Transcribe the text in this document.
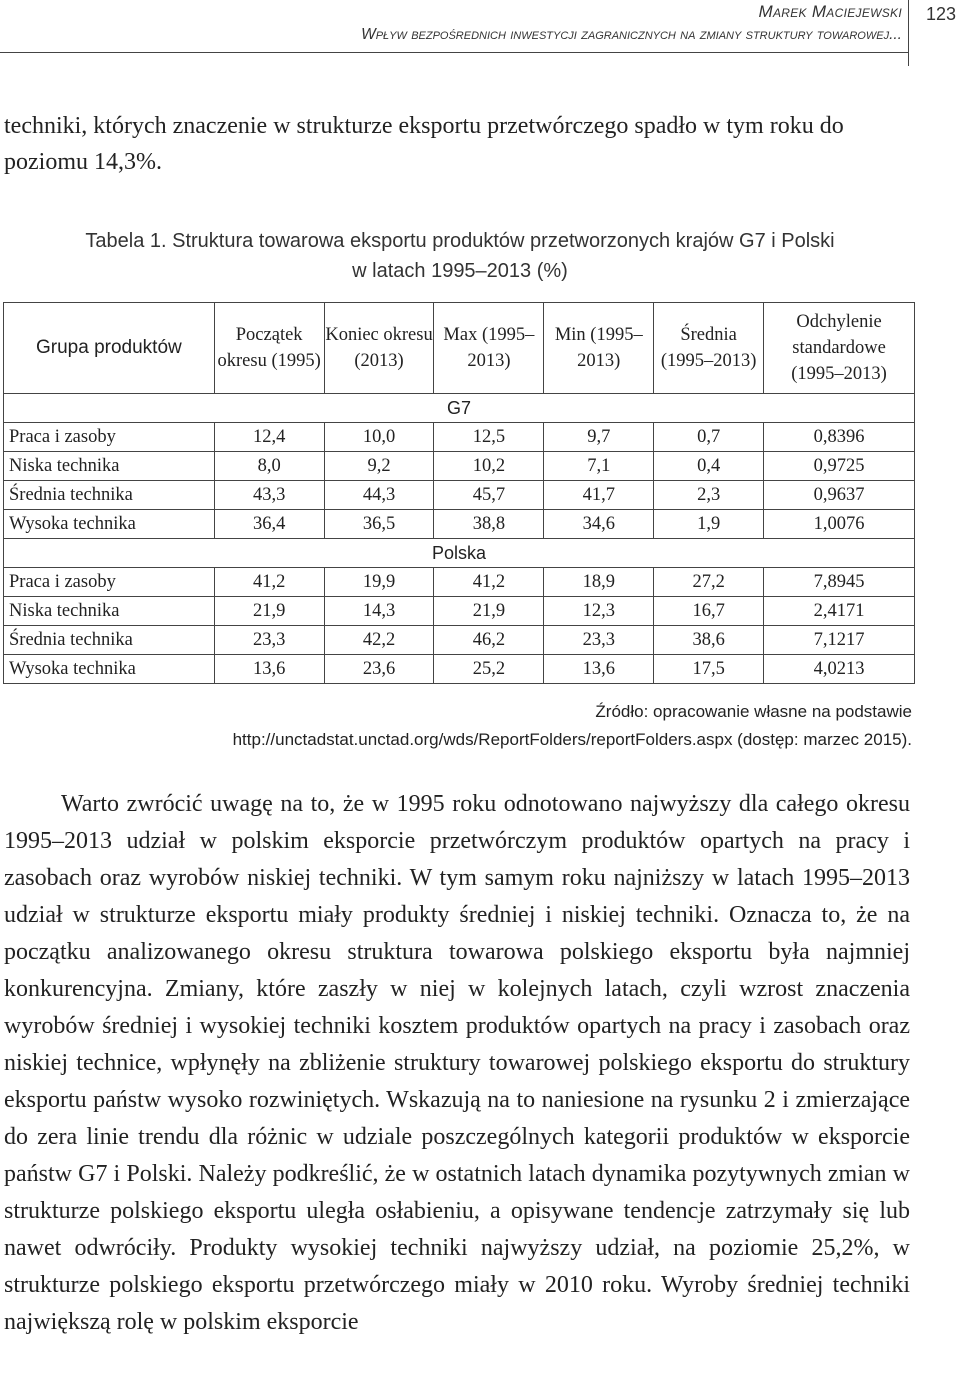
Marek Maciejewski
Wpływ bezpośrednich inwestycji zagranicznych na zmiany struktury towarowej...
123

techniki, których znaczenie w strukturze eksportu przetwórczego spadło w tym roku do poziomu 14,3%.

Tabela 1. Struktura towarowa eksportu produktów przetworzonych krajów G7 i Polski
w latach 1995–2013 (%)
Grupa produktów	Początek okresu (1995)	Koniec okresu (2013)	Max (1995–2013)	Min (1995–2013)	Średnia (1995–2013)	Odchylenie standardowe (1995–2013)
G7						
Praca i zasoby	12,4	10,0	12,5	9,7	0,7	0,8396
Niska technika	8,0	9,2	10,2	7,1	0,4	0,9725
Średnia technika	43,3	44,3	45,7	41,7	2,3	0,9637
Wysoka technika	36,4	36,5	38,8	34,6	1,9	1,0076
Polska						
Praca i zasoby	41,2	19,9	41,2	18,9	27,2	7,8945
Niska technika	21,9	14,3	21,9	12,3	16,7	2,4171
Średnia technika	23,3	42,2	46,2	23,3	38,6	7,1217
Wysoka technika	13,6	23,6	25,2	13,6	17,5	4,0213
Źródło: opracowanie własne na podstawie
http://unctadstat.unctad.org/wds/ReportFolders/reportFolders.aspx (dostęp: marzec 2015).

Warto zwrócić uwagę na to, że w 1995 roku odnotowano najwyższy dla całego okresu 1995–2013 udział w polskim eksporcie przetwórczym produktów opartych na pracy i zasobach oraz wyrobów niskiej techniki. W tym samym roku najniższy w latach 1995–2013 udział w strukturze eksportu miały produkty średniej i niskiej techniki. Oznacza to, że na początku analizowanego okresu struktura towarowa polskiego eksportu była najmniej konkurencyjna. Zmiany, które zaszły w niej w kolejnych latach, czyli wzrost znaczenia wyrobów średniej i wysokiej techniki kosztem produktów opartych na pracy i zasobach oraz niskiej technice, wpłynęły na zbliżenie struktury towarowej polskiego eksportu do struktury eksportu państw wysoko rozwiniętych. Wskazują na to naniesione na rysunku 2 i zmierzające do zera linie trendu dla różnic w udziale poszczególnych kategorii produktów w eksporcie państw G7 i Polski. Należy podkreślić, że w ostatnich latach dynamika pozytywnych zmian w strukturze polskiego eksportu uległa osłabieniu, a opisywane tendencje zatrzymały się lub nawet odwróciły. Produkty wysokiej techniki najwyższy udział, na poziomie 25,2%, w strukturze polskiego eksportu przetwórczego miały w 2010 roku. Wyroby średniej techniki największą rolę w polskim eksporcie
